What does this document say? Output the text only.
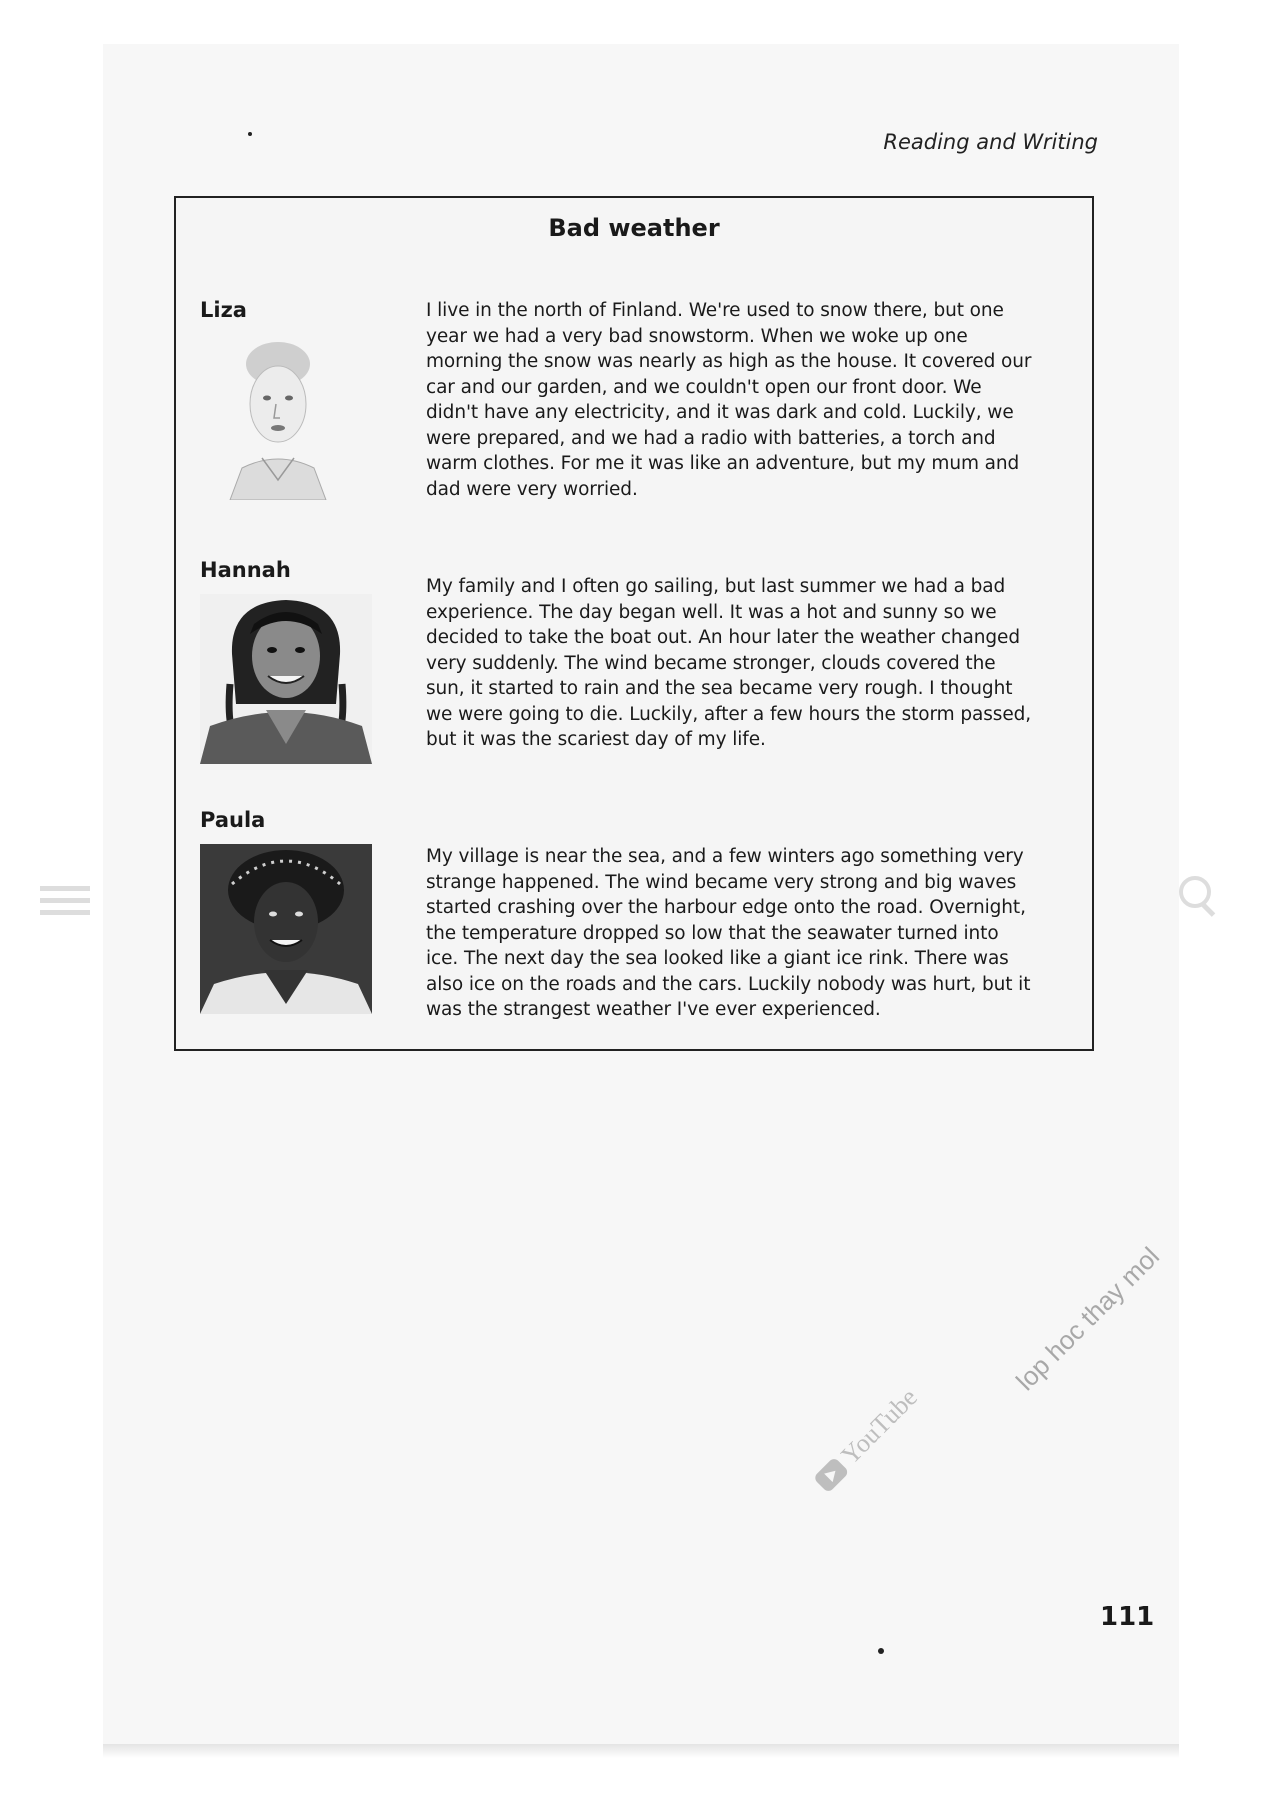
Reading and Writing
Bad weather
Liza	I live in the north of Finland. We're used to snow there, but one year we had a very bad snowstorm. When we woke up one morning the snow was nearly as high as the house. It covered our car and our garden, and we couldn't open our front door. We didn't have any electricity, and it was dark and cold. Luckily, we were prepared, and we had a radio with batteries, a torch and warm clothes. For me it was like an adventure, but my mum and dad were very worried.

Hannah

My family and I often go sailing, but last summer we had a bad experience. The day began well. It was a hot and sunny so we decided to take the boat out. An hour later the weather changed very suddenly. The wind became stronger, clouds covered the sun, it started to rain and the sea became very rough. I thought we were going to die. Luckily, after a few hours the storm passed, but it was the scariest day of my life.

Paula

My village is near the sea, and a few winters ago something very strange happened. The wind became very strong and big waves started crashing over the harbour edge onto the road. Overnight, the temperature dropped so low that the seawater turned into ice. The next day the sea looked like a giant ice rink. There was also ice on the roads and the cars. Luckily nobody was hurt, but it was the strangest weather I've ever experienced.

111
lop hoc thay mol
YouTube
